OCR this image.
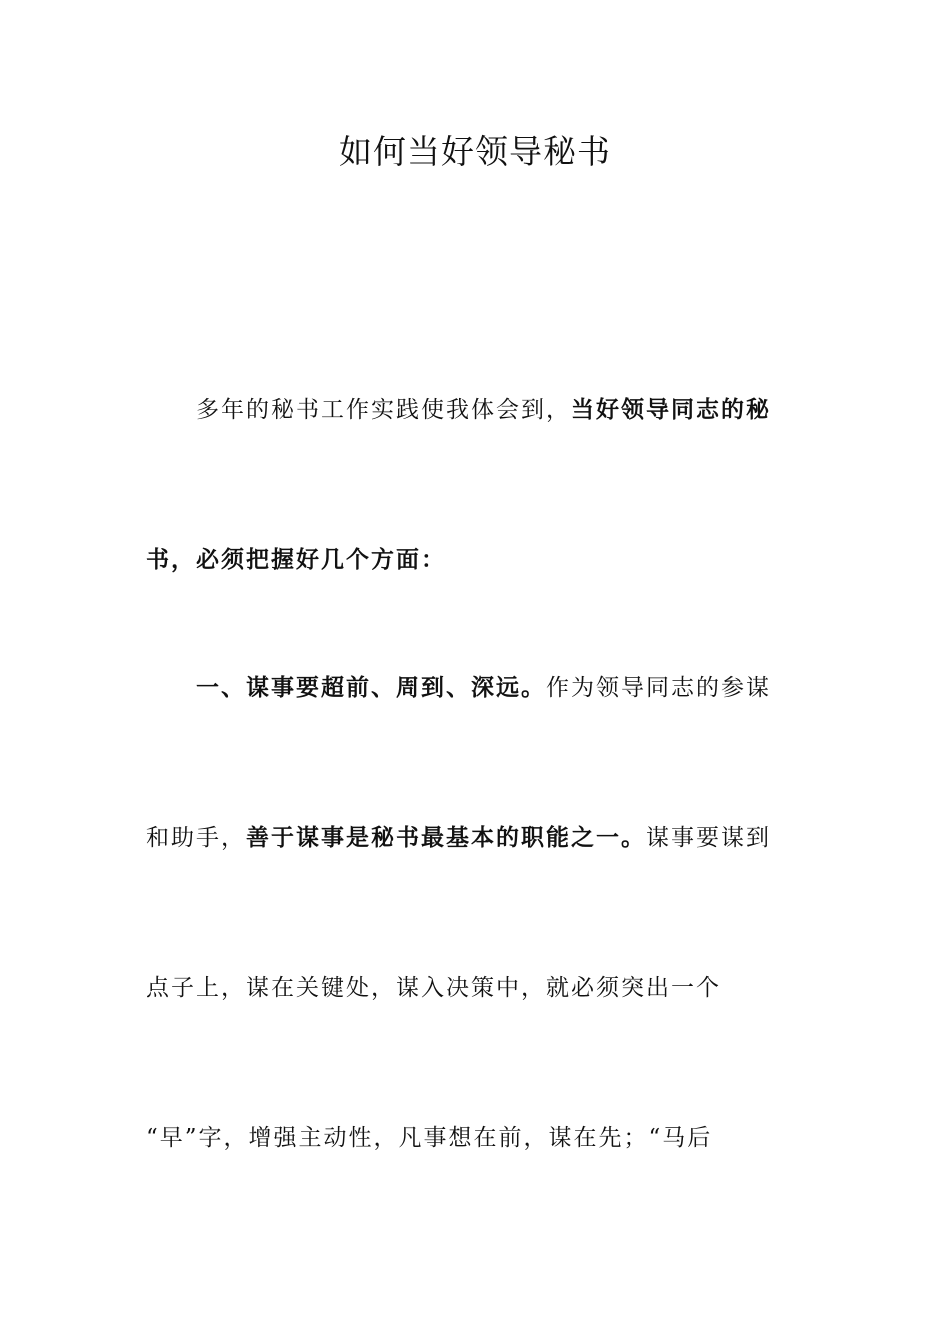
如何当好领导秘书
多年的秘书工作实践使我体会到，当好领导同志的秘
书，必须把握好几个方面：
一、谋事要超前、周到、深远。作为领导同志的参谋
和助手，善于谋事是秘书最基本的职能之一。谋事要谋到
点子上，谋在关键处，谋入决策中，就必须突出一个
“早”字，增强主动性，凡事想在前，谋在先；“马后
